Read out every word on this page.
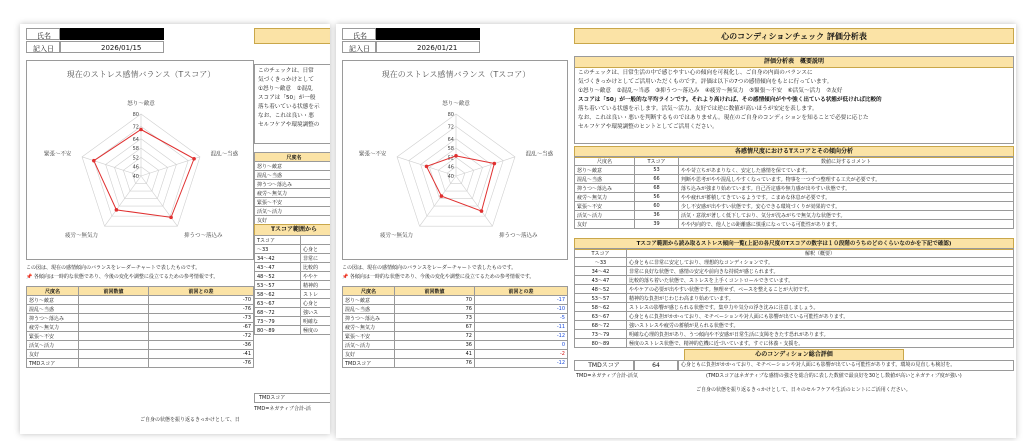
氏名
記入日	2026/01/15
現在のストレス感情バランス（Tスコア）
40
46
52
58
64
72
80
怒り〜敵意
混乱〜当惑
抑うつ〜落込み
疲労〜無気力
緊張〜不安
このチェックは、日常
気づくきっかけとして
①怒り〜敵意　②混乱
スコアは「50」が一般
落ち着いている状態を示
なお、これは良い・悪
セルフケアや環境調整の
尺度名
怒り〜敵意
混乱〜当惑
抑うつ〜落込み
疲労〜無気力
緊張〜不安
活気〜活力
友好
Tスコア範囲から
Tスコア	
〜33	心身と
34〜42	非常に
43〜47	比較的
48〜52	ややケ
53〜57	精神的
58〜62	ストレ
63〜67	心身と
68〜72	強いス
73〜79	明確な
80〜89	極度の
この図は、現在の感情傾向のバランスをレーダーチャートで表したものです。
📌 各傾向は一時的な状態であり、今後の変化や調整に役立てるための参考情報です。
尺度名	前回数値	前回との差
怒り〜敵意		-70
混乱〜当惑		-76
抑うつ〜落込み		-73
疲労〜無気力		-67
緊張〜不安		-72
活気〜活力		-36
友好		-41
TMDスコア		-76
TMDスコア
TMD=ネガティブ合計-活
ご自身の状態を振り返るきっかけとして、日
氏名
記入日	2026/01/21
心のコンディションチェック 評価分析表
現在のストレス感情バランス（Tスコア）
40
46
52
58
64
72
80
怒り〜敵意
混乱〜当惑
抑うつ〜落込み
疲労〜無気力
緊張〜不安
評価分析表　概要説明
このチェックは、日常生活の中で感じやすい心の傾向を可視化し、ご自身の内面のバランスに
気づくきっかけとしてご活用いただくものです。評価は以下の7つの感情傾向をもとに行っています。
①怒り〜敵意　②混乱〜当惑　③抑うつ〜落込み　④疲労〜無気力　⑤緊張〜不安　⑥活気〜活力　⑦友好
スコアは「50」が一般的な平均ラインです。それより高ければ、その感情傾向がやや強く出ている状態が低ければ比較的
落ち着いている状態を示します。活気〜活力、友好では逆に数値が高いほうが安定を表します。
なお、これは良い・悪いを判断するものではありません。現在のご自身のコンディションを知ることで必要に応じた
セルフケアや環境調整のヒントとしてご活用ください。
各感情尺度におけるTスコアとその傾向分析
尺度名	Tスコア	数値に対するコメント
怒り〜敵意	53	やや苛立ちがあまりなく、安定した感情を保てています。
混乱〜当惑	66	判断や思考がやや混乱しやすくなっています。物事を一つずつ整理する工夫が必要です。
抑うつ〜落込み	68	落ち込みが強まり始めています。自己否定感や無力感が出やすい状態です。
疲労〜無気力	56	やや疲れが蓄積してきているようです。こまめな休息が必要です。
緊張〜不安	60	少し不安感が出やすい状態です。安心できる環境づくりが効果的です。
活気〜活力	36	活気・意欲が著しく低下しており、気分が沈みがちで無気力な状態です。
友好	39	やや内向的で、他人との距離感に慎重になっている可能性があります。
Tスコア範囲から読み取るストレス傾向一覧(上記の各尺度のTスコアの数字は１０段階のうちのどのくらいなのかを下記で確認)
Tスコア	解釈（概要）
〜33	心身ともに非常に安定しており、理想的なコンディションです。
34〜42	非常に良好な状態で、感情の安定や前向きな持続が感じられます。
43〜47	比較的落ち着いた状態で、ストレスを上手くコントロールできています。
48〜52	ややケアの必要が出やすい状態です。無理せず、ペースを整えることが大切です。
53〜57	精神的な負担がじわじわ高まり始めています。
58〜62	ストレスの影響が感じられる状態です。集中力や気分の浮き沈みに注意しましょう。
63〜67	心身ともに負担がかかっており、モチベーションや対人面にも影響が出ている可能性があります。
68〜72	強いストレスや疲労の蓄積が見られる状態です。
73〜79	明確な心理的負担があり、うつ傾向や不安感が日常生活に支障をきたす恐れがあります。
80〜89	極度のストレス状態で、精神的危機に近づいています。すぐに休養・支援を。
心のコンディション総合評価
TMDスコア	64	心身ともに負担がかかっており、モチベーションや対人面にも影響が出ている可能性があります。環境の見直しも検討を。
TMD=ネガティブ合計-活気	(TMDスコアはネガティブな感情の強さを総合的に表した数値で最良好を30とし数値が高いとネガティブ度が強い)
ご自身の状態を振り返るきっかけとして、日々のセルフケアや生活のヒントにご活用ください。
この図は、現在の感情傾向のバランスをレーダーチャートで表したものです。
📌 各傾向は一時的な状態であり、今後の変化や調整に役立てるための参考情報です。
尺度名	前回数値	前回との差
怒り〜敵意	70	-17
混乱〜当惑	76	-10
抑うつ〜落込み	73	-5
疲労〜無気力	67	-11
緊張〜不安	72	-12
活気〜活力	36	0
友好	41	-2
TMDスコア	76	-12
